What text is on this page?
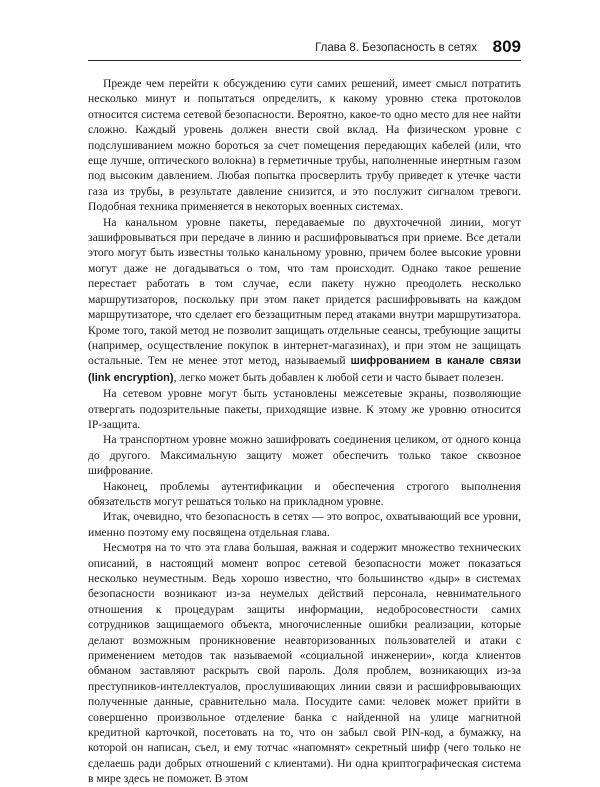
Глава 8. Безопасность в сетях 809

Прежде чем перейти к обсуждению сути самих решений, имеет смысл потратить несколько минут и попытаться определить, к какому уровню стека протоколов относится система сетевой безопасности. Вероятно, какое-то одно место для нее найти сложно. Каждый уровень должен внести свой вклад. На физическом уровне с подслушиванием можно бороться за счет помещения передающих кабелей (или, что еще лучше, оптического волокна) в герметичные трубы, наполненные инертным газом под высоким давлением. Любая попытка просверлить трубу приведет к утечке части газа из трубы, в результате давление снизится, и это послужит сигналом тревоги. Подобная техника применяется в некоторых военных системах.

На канальном уровне пакеты, передаваемые по двухточечной линии, могут зашифровываться при передаче в линию и расшифровываться при приеме. Все детали этого могут быть известны только канальному уровню, причем более высокие уровни могут даже не догадываться о том, что там происходит. Однако такое решение перестает работать в том случае, если пакету нужно преодолеть несколько маршрутизаторов, поскольку при этом пакет придется расшифровывать на каждом маршрутизаторе, что сделает его беззащитным перед атаками внутри маршрутизатора. Кроме того, такой метод не позволит защищать отдельные сеансы, требующие защиты (например, осуществление покупок в интернет-магазинах), и при этом не защищать остальные. Тем не менее этот метод, называемый шифрованием в канале связи (link encryption), легко может быть добавлен к любой сети и часто бывает полезен.

На сетевом уровне могут быть установлены межсетевые экраны, позволяющие отвергать подозрительные пакеты, приходящие извне. К этому же уровню относится IP-защита.

На транспортном уровне можно зашифровать соединения целиком, от одного конца до другого. Максимальную защиту может обеспечить только такое сквозное шифрование.

Наконец, проблемы аутентификации и обеспечения строгого выполнения обязательств могут решаться только на прикладном уровне.

Итак, очевидно, что безопасность в сетях — это вопрос, охватывающий все уровни, именно поэтому ему посвящена отдельная глава.

Несмотря на то что эта глава большая, важная и содержит множество технических описаний, в настоящий момент вопрос сетевой безопасности может показаться несколько неуместным. Ведь хорошо известно, что большинство «дыр» в системах безопасности возникают из-за неумелых действий персонала, невнимательного отношения к процедурам защиты информации, недобросовестности самих сотрудников защищаемого объекта, многочисленные ошибки реализации, которые делают возможным проникновение неавторизованных пользователей и атаки с применением методов так называемой «социальной инженерии», когда клиентов обманом заставляют раскрыть свой пароль. Доля проблем, возникающих из-за преступников-интеллектуалов, прослушивающих линии связи и расшифровывающих полученные данные, сравнительно мала. Посудите сами: человек может прийти в совершенно произвольное отделение банка с найденной на улице магнитной кредитной карточкой, посетовать на то, что он забыл свой PIN-код, а бумажку, на которой он написан, съел, и ему тотчас «напомнят» секретный шифр (чего только не сделаешь ради добрых отношений с клиентами). Ни одна криптографическая система в мире здесь не поможет. В этом
